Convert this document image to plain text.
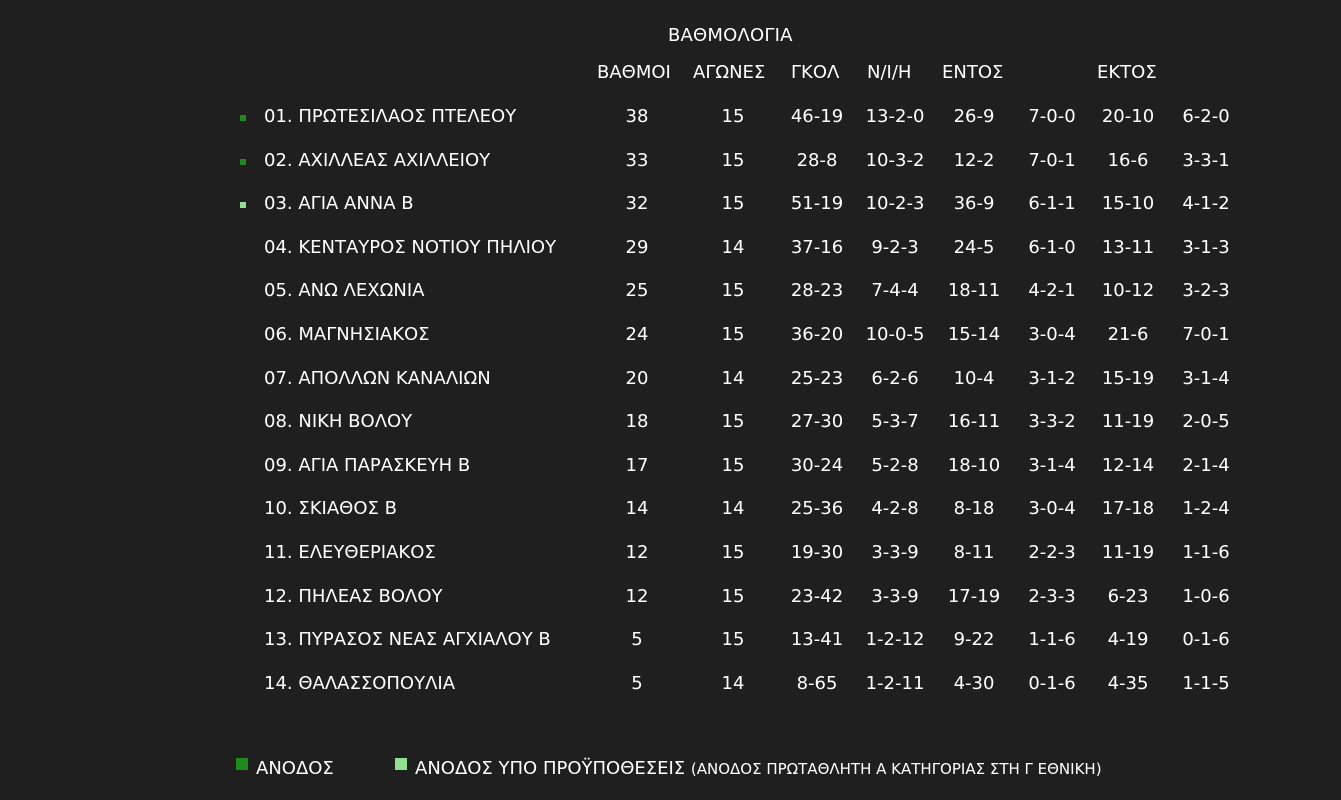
ΒΑΘΜΟΛΟΓΙΑ
ΒΑΘΜΟΙ ΑΓΩΝΕΣ ΓΚΟΛ Ν/Ι/Η ΕΝΤΟΣ	ΕΚΤΟΣ
01. ΠΡΩΤΕΣΙΛΑΟΣ ΠΤΕΛΕΟΥ	38	15	46-19	13-2-0	26-9	7-0-0	20-10	6-2-0
02. ΑΧΙΛΛΕΑΣ ΑΧΙΛΛΕΙΟΥ	33	15	28-8	10-3-2	12-2	7-0-1	16-6	3-3-1
03. ΑΓΙΑ ΑΝΝΑ Β	32	15	51-19	10-2-3	36-9	6-1-1	15-10	4-1-2
04. ΚΕΝΤΑΥΡΟΣ ΝΟΤΙΟΥ ΠΗΛΙΟΥ	29	14	37-16	9-2-3	24-5	6-1-0	13-11	3-1-3
05. ΑΝΩ ΛΕΧΩΝΙΑ	25	15	28-23	7-4-4	18-11	4-2-1	10-12	3-2-3
06. ΜΑΓΝΗΣΙΑΚΟΣ	24	15	36-20	10-0-5	15-14	3-0-4	21-6	7-0-1
07. ΑΠΟΛΛΩΝ ΚΑΝΑΛΙΩΝ	20	14	25-23	6-2-6	10-4	3-1-2	15-19	3-1-4
08. ΝΙΚΗ ΒΟΛΟΥ	18	15	27-30	5-3-7	16-11	3-3-2	11-19	2-0-5
09. ΑΓΙΑ ΠΑΡΑΣΚΕΥΗ Β	17	15	30-24	5-2-8	18-10	3-1-4	12-14	2-1-4
10. ΣΚΙΑΘΟΣ Β	14	14	25-36	4-2-8	8-18	3-0-4	17-18	1-2-4
11. ΕΛΕΥΘΕΡΙΑΚΟΣ	12	15	19-30	3-3-9	8-11	2-2-3	11-19	1-1-6
12. ΠΗΛΕΑΣ ΒΟΛΟΥ	12	15	23-42	3-3-9	17-19	2-3-3	6-23	1-0-6
13. ΠΥΡΑΣΟΣ ΝΕΑΣ ΑΓΧΙΑΛΟΥ Β	5	15	13-41	1-2-12	9-22	1-1-6	4-19	0-1-6
14. ΘΑΛΑΣΣΟΠΟΥΛΙΑ	5	14	8-65	1-2-11	4-30	0-1-6	4-35	1-1-5
ΑΝΟΔΟΣ	ΑΝΟΔΟΣ ΥΠΟ ΠΡΟΫΠΟΘΕΣΕΙΣ (ΑΝΟΔΟΣ ΠΡΩΤΑΘΛΗΤΗ Α ΚΑΤΗΓΟΡΙΑΣ ΣΤΗ Γ ΕΘΝΙΚΗ)
